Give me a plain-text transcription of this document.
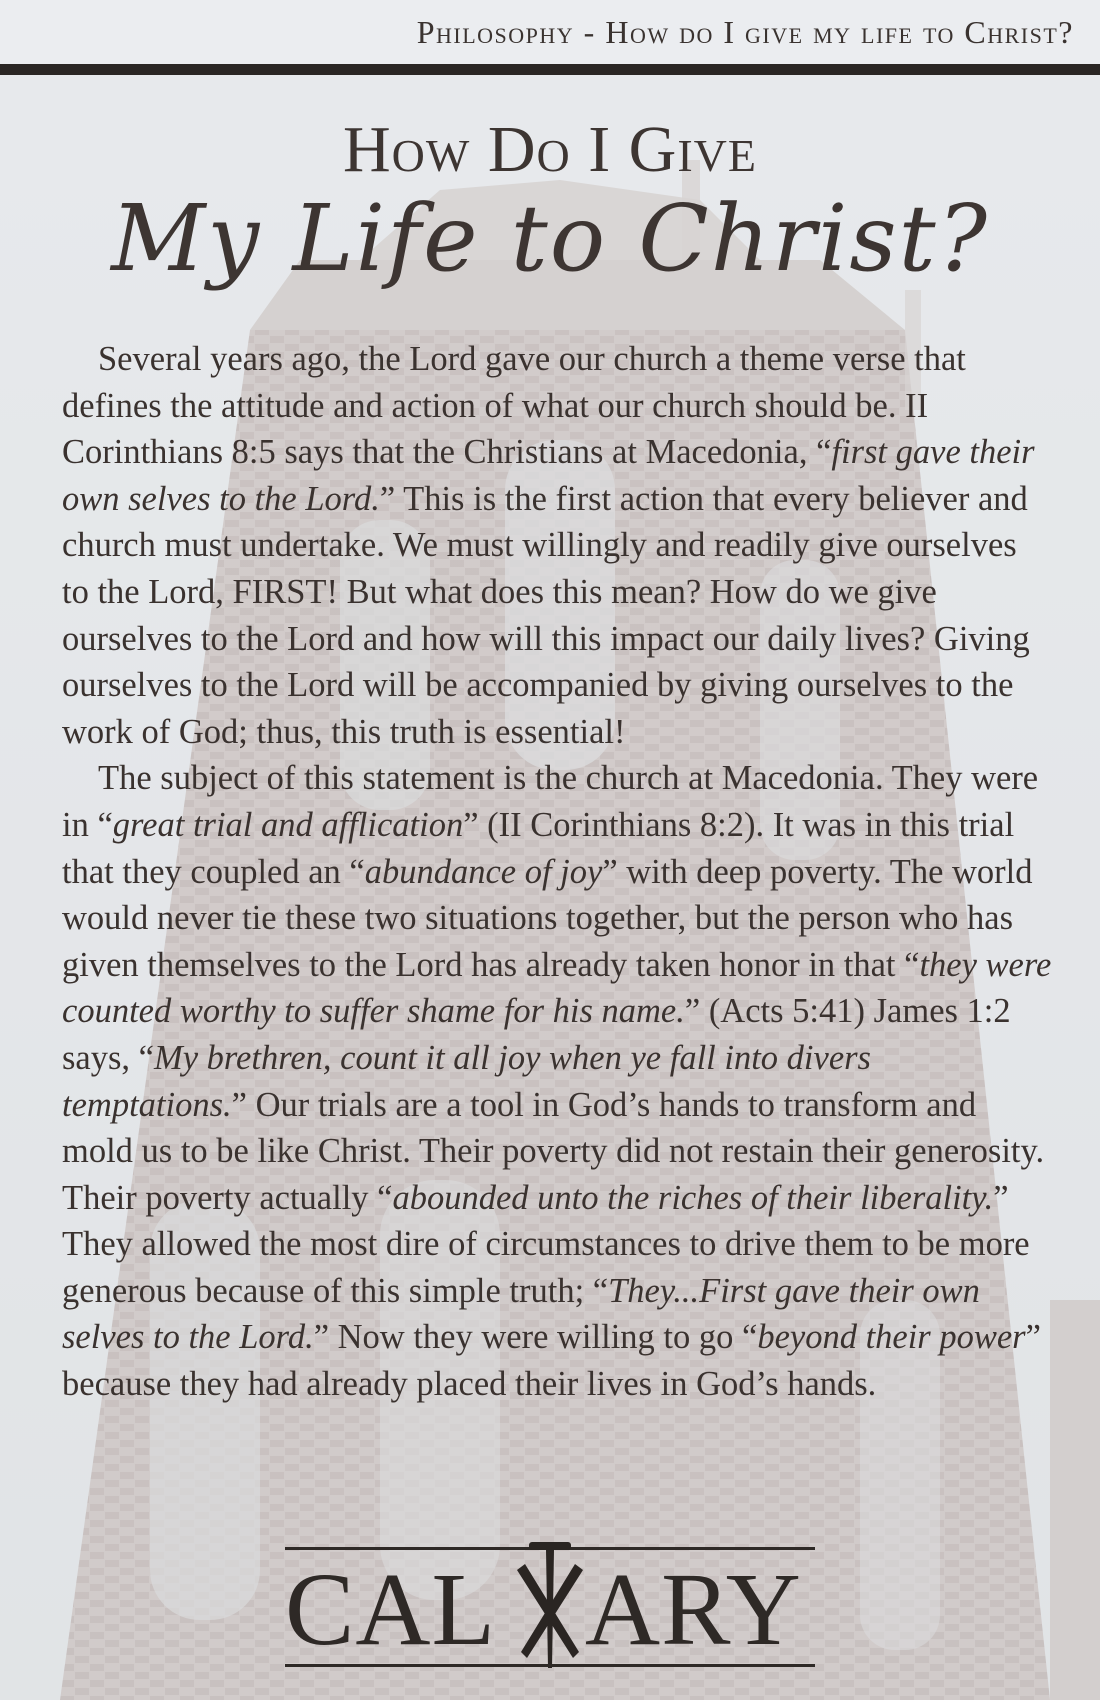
Philosophy - How do I give my life to Christ?
How Do I Give
My Life to Christ?

Several years ago, the Lord gave our church a theme verse that defines the attitude and action of what our church should be. II Corinthians 8:5 says that the Christians at Macedonia, “first gave their own selves to the Lord.” This is the first action that every believer and church must undertake. We must willingly and readily give ourselves to the Lord, FIRST! But what does this mean? How do we give ourselves to the Lord and how will this impact our daily lives? Giving ourselves to the Lord will be accompanied by giving ourselves to the work of God; thus, this truth is essential!

The subject of this statement is the church at Macedonia. They were in “great trial and afflication” (II Corinthians 8:2). It was in this trial that they coupled an “abundance of joy” with deep poverty. The world would never tie these two situations together, but the person who has given themselves to the Lord has already taken honor in that “they were counted worthy to suffer shame for his name.” (Acts 5:41) James 1:2 says, “My brethren, count it all joy when ye fall into divers temptations.” Our trials are a tool in God’s hands to transform and mold us to be like Christ. Their poverty did not restain their generosity. Their poverty actually “abounded unto the riches of their liberality.” They allowed the most dire of circumstances to drive them to be more generous because of this simple truth; “They...First gave their own selves to the Lord.” Now they were willing to go “beyond their power” because they had already placed their lives in God’s hands.

CAL ARY
